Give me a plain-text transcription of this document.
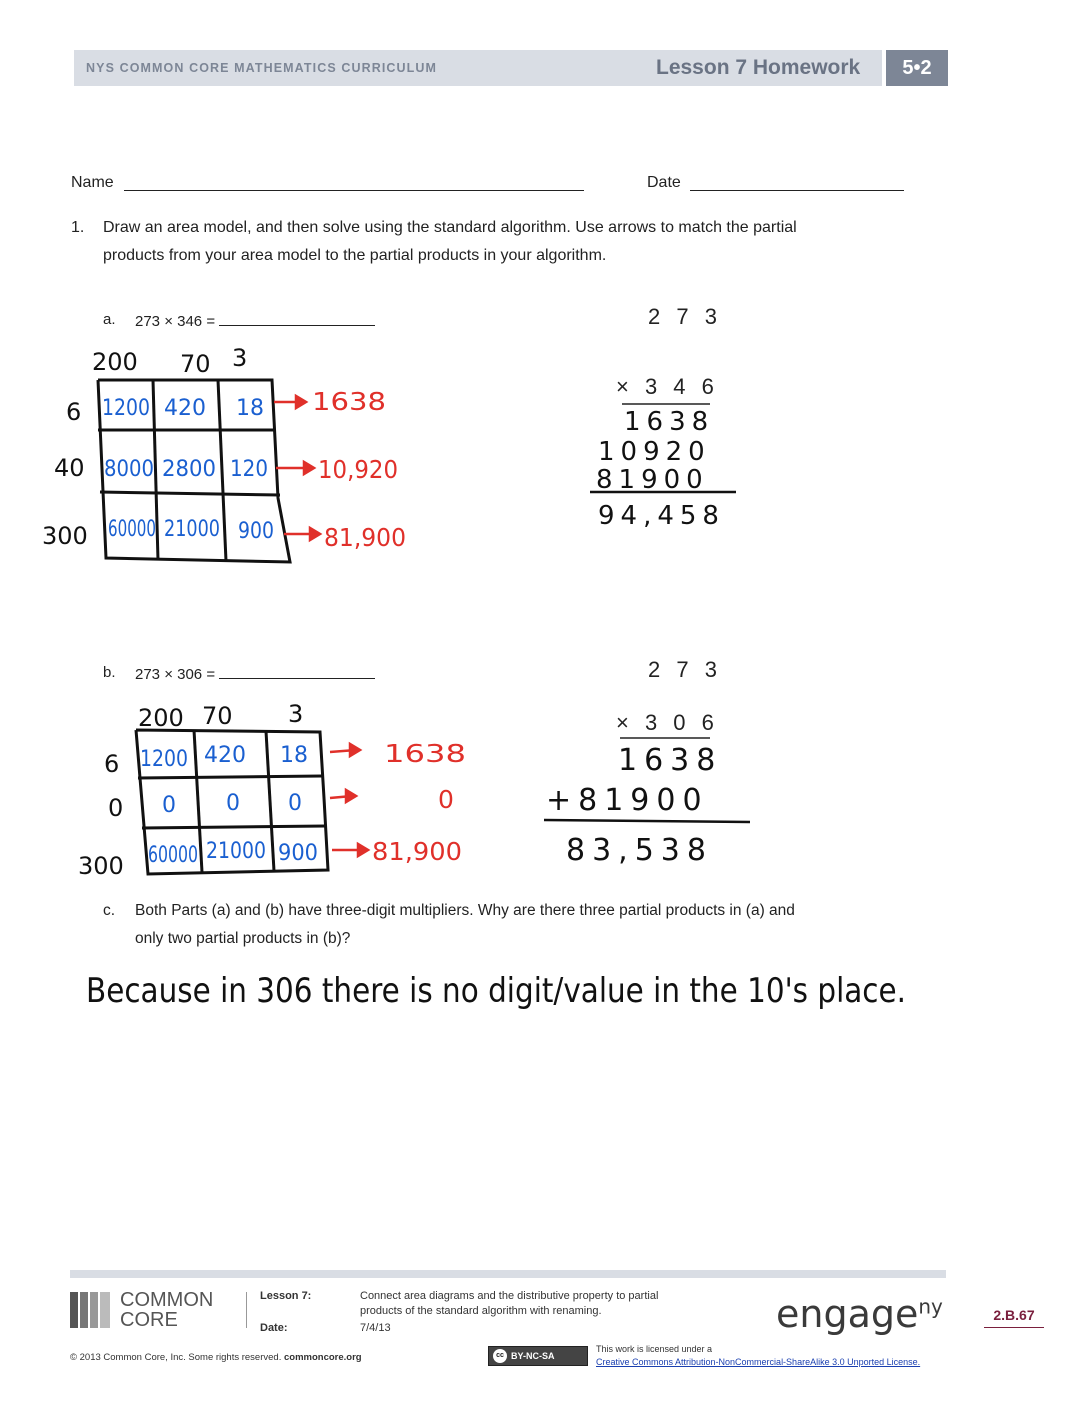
NYS COMMON CORE MATHEMATICS CURRICULUM	Lesson 7 Homework	5•2
Name	Date
1. Draw an area model, and then solve using the standard algorithm. Use arrows to match the partial
products from your area model to the partial products in your algorithm.
a. 273 × 346 =
200 70 3
6
40
300
1200 420 18
8000 2800 120
60000 21000 900
1638
10,920
81,900
2 7 3
× 3 4 6
1638
10920
81900
94,458
b. 273 × 306 =
200 70 3
6
0
300
1200 420 18
0 0 0
60000 21000 900
1638
0
81,900
2 7 3
× 3 0 6
1638
+81900
83,538
c. Both Parts (a) and (b) have three-digit multipliers. Why are there three partial products in (a) and
only two partial products in (b)?
Because in 306 there is no digit/value in the 10's place.
COMMON
CORE
Lesson 7:	Connect area diagrams and the distributive property to partial
products of the standard algorithm with renaming.
Date:	7/4/13	engage$^{ny}$	2.B.67
© 2013 Common Core, Inc. Some rights reserved. commoncore.org	cc BY-NC-SA
This work is licensed under a
Creative Commons Attribution-NonCommercial-ShareAlike 3.0 Unported License.
